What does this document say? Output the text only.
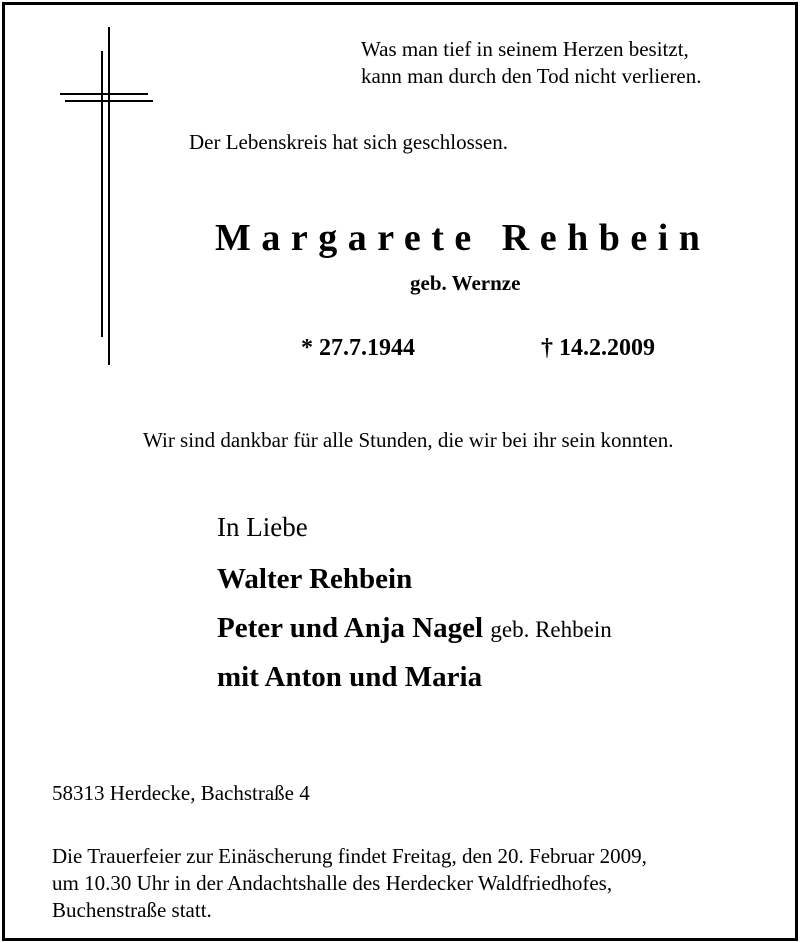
Was man tief in seinem Herzen besitzt,
kann man durch den Tod nicht verlieren.
Der Lebenskreis hat sich geschlossen.
Margarete Rehbein
geb. Wernze
* 27.7.1944	† 14.2.2009
Wir sind dankbar für alle Stunden, die wir bei ihr sein konnten.
In Liebe
Walter Rehbein
Peter und Anja Nagel geb. Rehbein
mit Anton und Maria
58313 Herdecke, Bachstraße 4
Die Trauerfeier zur Einäscherung findet Freitag, den 20. Februar 2009,
um 10.30 Uhr in der Andachtshalle des Herdecker Waldfriedhofes,
Buchenstraße statt.
